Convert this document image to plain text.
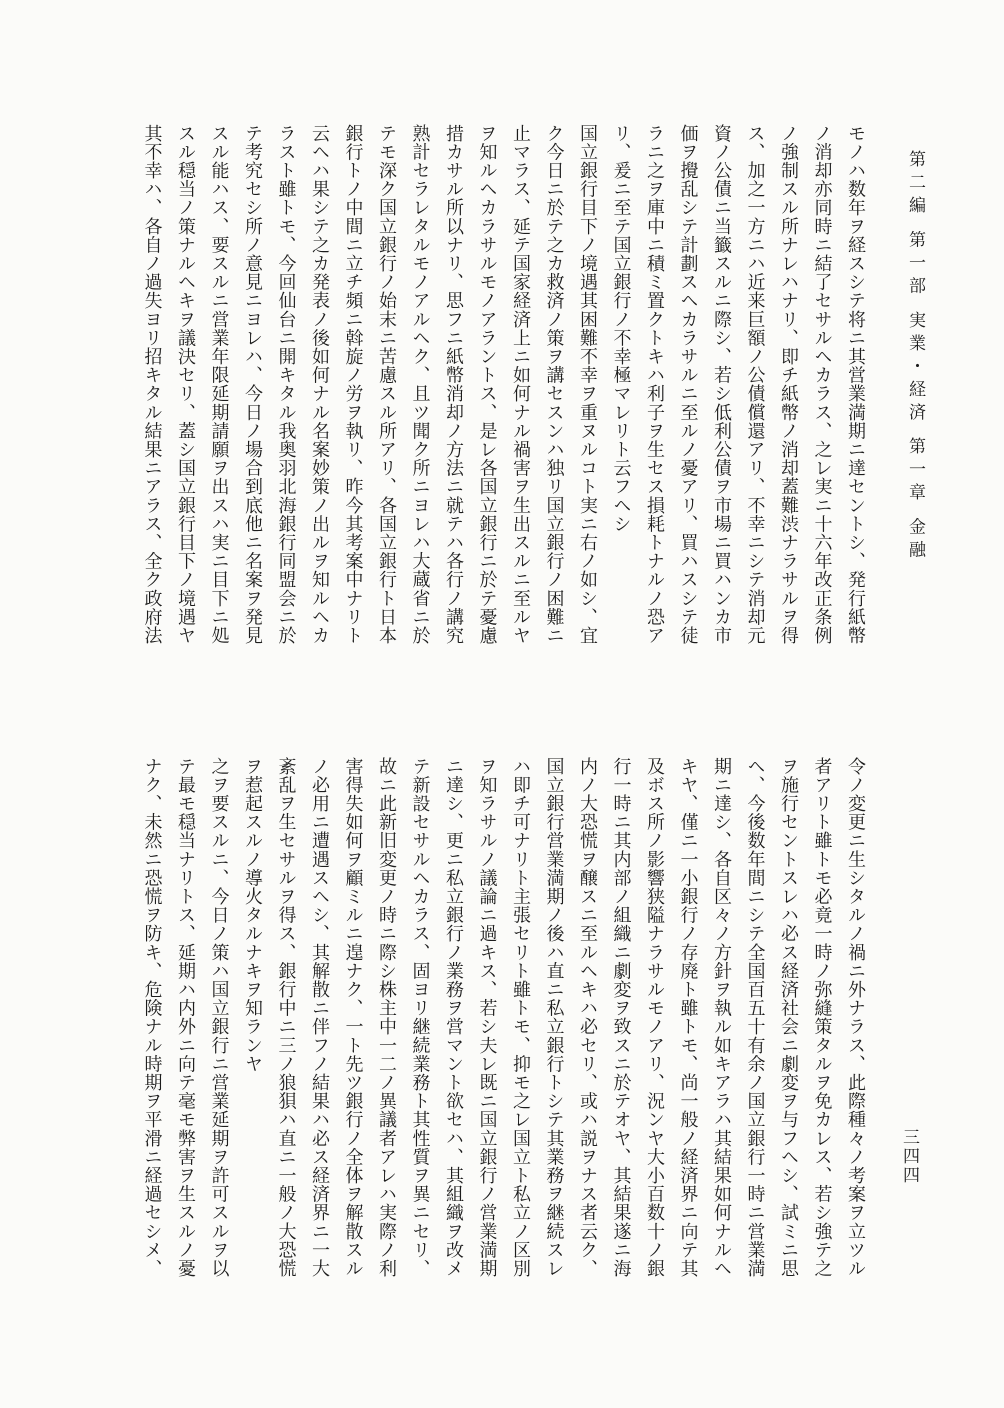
第二編 第一部 実業・経済 第一章 金融
三四四
モノハ数年ヲ経スシテ将ニ其営業満期ニ達セントシ、発行紙幣
ノ消却亦同時ニ結了セサルヘカラス、之レ実ニ十六年改正条例
ノ強制スル所ナレハナリ、即チ紙幣ノ消却蓋難渋ナラサルヲ得
ス、加之一方ニハ近来巨額ノ公債償還アリ、不幸ニシテ消却元
資ノ公債ニ当籤スルニ際シ、若シ低利公債ヲ市場ニ買ハンカ市
価ヲ攪乱シテ計劃スヘカラサルニ至ルノ憂アリ、買ハスシテ徒
ラニ之ヲ庫中ニ積ミ置クトキハ利子ヲ生セス損耗トナルノ恐ア
リ、爰ニ至テ国立銀行ノ不幸極マレリト云フヘシ
国立銀行目下ノ境遇其困難不幸ヲ重ヌルコト実ニ右ノ如シ、宜
ク今日ニ於テ之カ救済ノ策ヲ講セスンハ独リ国立銀行ノ困難ニ
止マラス、延テ国家経済上ニ如何ナル禍害ヲ生出スルニ至ルヤ
ヲ知ルヘカラサルモノアラントス、是レ各国立銀行ニ於テ憂慮
措カサル所以ナリ、思フニ紙幣消却ノ方法ニ就テハ各行ノ講究
熟計セラレタルモノアルヘク、且ツ聞ク所ニヨレハ大蔵省ニ於
テモ深ク国立銀行ノ始末ニ苦慮スル所アリ、各国立銀行ト日本
銀行トノ中間ニ立チ頻ニ斡旋ノ労ヲ執リ、昨今其考案中ナリト
云ヘハ果シテ之カ発表ノ後如何ナル名案妙策ノ出ルヲ知ルヘカ
ラスト雖トモ、今回仙台ニ開キタル我奥羽北海銀行同盟会ニ於
テ考究セシ所ノ意見ニヨレハ、今日ノ場合到底他ニ名案ヲ発見
スル能ハス、要スルニ営業年限延期請願ヲ出スハ実ニ目下ニ処
スル穏当ノ策ナルヘキヲ議決セリ、蓋シ国立銀行目下ノ境遇ヤ
其不幸ハ、各自ノ過失ヨリ招キタル結果ニアラス、全ク政府法
令ノ変更ニ生シタルノ禍ニ外ナラス、此際種々ノ考案ヲ立ツル
者アリト雖トモ必竟一時ノ弥縫策タルヲ免カレス、若シ強テ之
ヲ施行セントスレハ必ス経済社会ニ劇変ヲ与フヘシ、試ミニ思
ヘ、今後数年間ニシテ全国百五十有余ノ国立銀行一時ニ営業満
期ニ達シ、各自区々ノ方針ヲ執ル如キアラハ其結果如何ナルヘ
キヤ、僅ニ一小銀行ノ存廃ト雖トモ、尚一般ノ経済界ニ向テ其
及ボス所ノ影響狭隘ナラサルモノアリ、況ンヤ大小百数十ノ銀
行一時ニ其内部ノ組織ニ劇変ヲ致スニ於テオヤ、其結果遂ニ海
内ノ大恐慌ヲ醸スニ至ルヘキハ必セリ、或ハ説ヲナス者云ク、
国立銀行営業満期ノ後ハ直ニ私立銀行トシテ其業務ヲ継続スレ
ハ即チ可ナリト主張セリト雖トモ、抑モ之レ国立ト私立ノ区別
ヲ知ラサルノ議論ニ過キス、若シ夫レ既ニ国立銀行ノ営業満期
ニ達シ、更ニ私立銀行ノ業務ヲ営マント欲セハ、其組織ヲ改メ
テ新設セサルヘカラス、固ヨリ継続業務ト其性質ヲ異ニセリ、
故ニ此新旧変更ノ時ニ際シ株主中一二ノ異議者アレハ実際ノ利
害得失如何ヲ顧ミルニ遑ナク、一ト先ツ銀行ノ全体ヲ解散スル
ノ必用ニ遭遇スヘシ、其解散ニ伴フノ結果ハ必ス経済界ニ一大
紊乱ヲ生セサルヲ得ス、銀行中ニ三ノ狼狽ハ直ニ一般ノ大恐慌
ヲ惹起スルノ導火タルナキヲ知ランヤ
之ヲ要スルニ、今日ノ策ハ国立銀行ニ営業延期ヲ許可スルヲ以
テ最モ穏当ナリトス、延期ハ内外ニ向テ毫モ弊害ヲ生スルノ憂
ナク、未然ニ恐慌ヲ防キ、危険ナル時期ヲ平滑ニ経過セシメ、
